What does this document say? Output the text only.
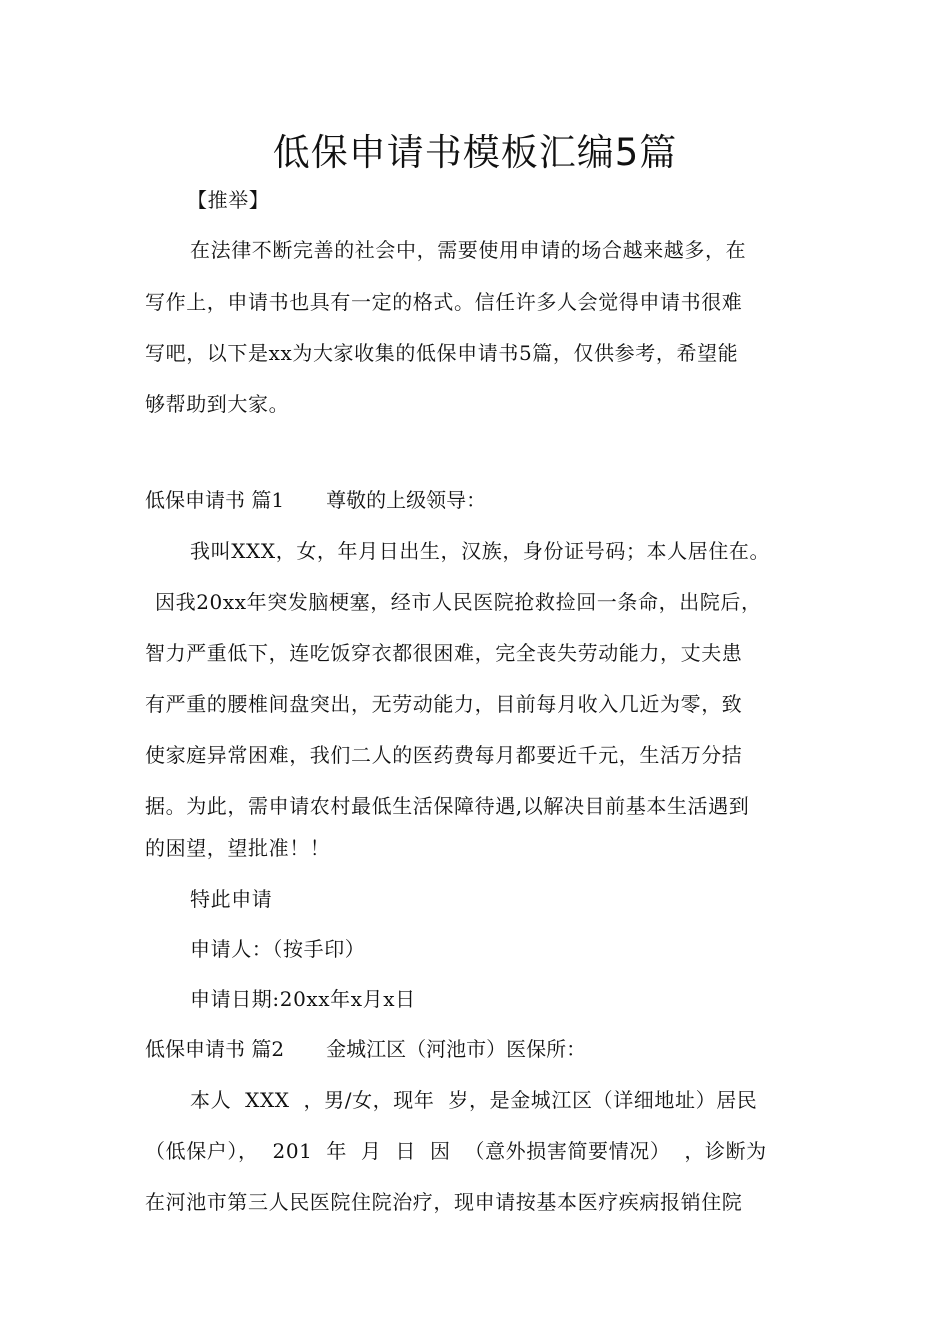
低保申请书模板汇编5篇
【推举】
在法律不断完善的社会中，需要使用申请的场合越来越多，在
写作上，申请书也具有一定的格式。信任许多人会觉得申请书很难
写吧，以下是xx为大家收集的低保申请书5篇，仅供参考，希望能
够帮助到大家。
低保申请书 篇1 尊敬的上级领导：
我叫XXX，女，年月日出生，汉族，身份证号码；本人居住在。
因我20xx年突发脑梗塞，经市人民医院抢救捡回一条命，出院后，
智力严重低下，连吃饭穿衣都很困难，完全丧失劳动能力，丈夫患
有严重的腰椎间盘突出，无劳动能力，目前每月收入几近为零，致
使家庭异常困难，我们二人的医药费每月都要近千元，生活万分拮
据。为此，需申请农村最低生活保障待遇,以解决目前基本生活遇到
的困望，望批准！！
特此申请
申请人：（按手印）
申请日期:20xx年x月x日
低保申请书 篇2 金城江区（河池市）医保所：
本人  XXX  ，男/女，现年  岁，是金城江区（详细地址）居民
（低保户），  201  年  月  日  因  （意外损害简要情况）  ，诊断为
在河池市第三人民医院住院治疗，现申请按基本医疗疾病报销住院
